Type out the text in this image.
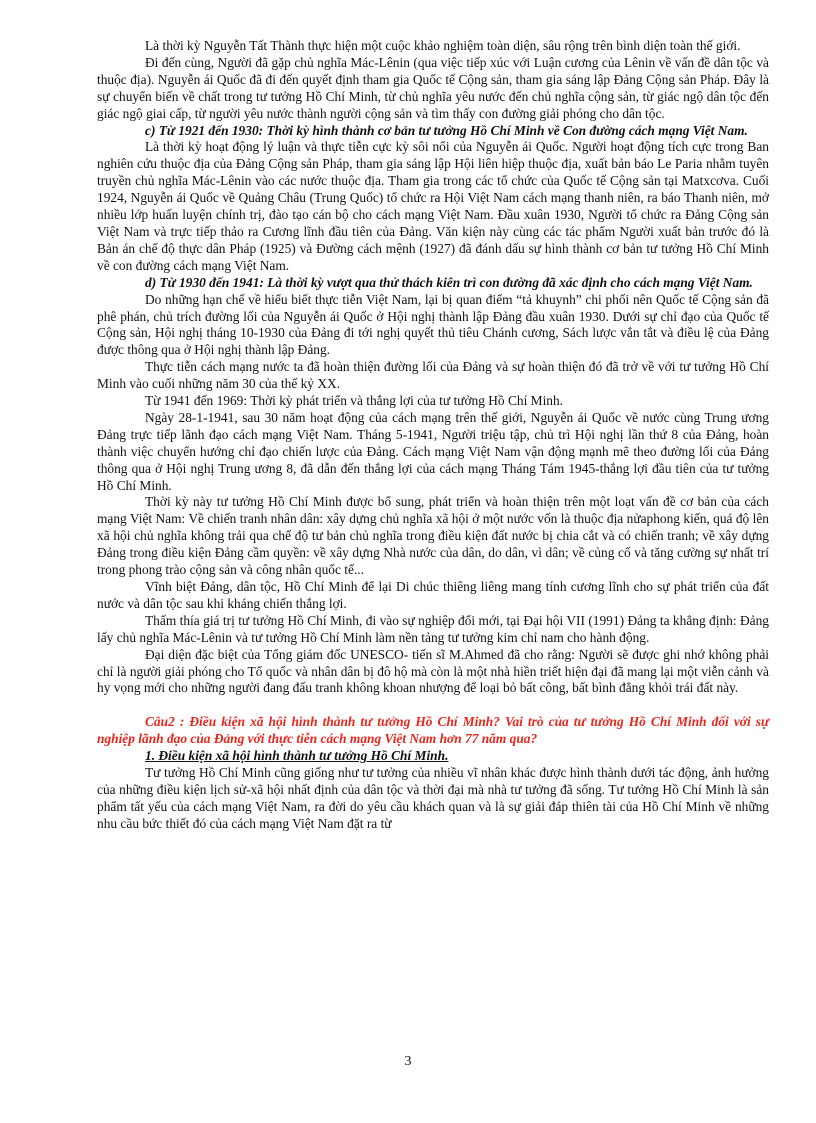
Là thời kỳ Nguyễn Tất Thành thực hiện một cuộc khảo nghiệm toàn diện, sâu rộng trên bình diện toàn thế giới.

Đi đến cùng, Người đã gặp chủ nghĩa Mác-Lênin (qua việc tiếp xúc với Luận cương của Lênin về vấn đề dân tộc và thuộc địa). Nguyễn ái Quốc đã đi đến quyết định tham gia Quốc tế Cộng sản, tham gia sáng lập Đảng Cộng sản Pháp. Đây là sự chuyển biến về chất trong tư tưởng Hồ Chí Minh, từ chủ nghĩa yêu nước đến chủ nghĩa cộng sản, từ giác ngộ dân tộc đến giác ngộ giai cấp, từ người yêu nước thành người cộng sản và tìm thấy con đường giải phóng cho dân tộc.

c) Từ 1921 đến 1930: Thời kỳ hình thành cơ bản tư tưởng Hồ Chí Minh về Con đường cách mạng Việt Nam.

Là thời kỳ hoạt động lý luận và thực tiễn cực kỳ sôi nổi của Nguyễn ái Quốc. Người hoạt động tích cực trong Ban nghiên cứu thuộc địa của Đảng Cộng sản Pháp, tham gia sáng lập Hội liên hiệp thuộc địa, xuất bản báo Le Paria nhằm tuyên truyền chủ nghĩa Mác-Lênin vào các nước thuộc địa. Tham gia trong các tổ chức của Quốc tế Cộng sản tại Matxcơva. Cuối 1924, Nguyễn ái Quốc về Quảng Châu (Trung Quốc) tổ chức ra Hội Việt Nam cách mạng thanh niên, ra báo Thanh niên, mở nhiều lớp huấn luyện chính trị, đào tạo cán bộ cho cách mạng Việt Nam. Đầu xuân 1930, Người tổ chức ra Đảng Cộng sản Việt Nam và trực tiếp thảo ra Cương lĩnh đầu tiên của Đảng. Văn kiện này cùng các tác phẩm Người xuất bản trước đó là Bản án chế độ thực dân Pháp (1925) và Đường cách mệnh (1927) đã đánh dấu sự hình thành cơ bản tư tưởng Hồ Chí Minh về con đường cách mạng Việt Nam.

d) Từ 1930 đến 1941: Là thời kỳ vượt qua thử thách kiên trì con đường đã xác định cho cách mạng Việt Nam.

Do những hạn chế về hiểu biết thực tiễn Việt Nam, lại bị quan điểm “tả khuynh” chi phối nên Quốc tế Cộng sản đã phê phán, chủ trích đường lối của Nguyễn ái Quốc ở Hội nghị thành lập Đảng đầu xuân 1930. Dưới sự chỉ đạo của Quốc tế Cộng sản, Hội nghị tháng 10-1930 của Đảng đi tới nghị quyết thủ tiêu Chánh cương, Sách lược vắn tắt và điều lệ của Đảng được thông qua ở Hội nghị thành lập Đảng.

Thực tiễn cách mạng nước ta đã hoàn thiện đường lối của Đảng và sự hoàn thiện đó đã trở về với tư tưởng Hồ Chí Minh vào cuối những năm 30 của thế kỷ XX.

Từ 1941 đến 1969: Thời kỳ phát triển và thắng lợi của tư tưởng Hồ Chí Minh.

Ngày 28-1-1941, sau 30 năm hoạt động của cách mạng trên thế giới, Nguyễn ái Quốc về nước cùng Trung ương Đảng trực tiếp lãnh đạo cách mạng Việt Nam. Tháng 5-1941, Người triệu tập, chủ trì Hội nghị lần thứ 8 của Đảng, hoàn thành việc chuyển hướng chỉ đạo chiến lược của Đảng. Cách mạng Việt Nam vận động mạnh mẽ theo đường lối của Đảng thông qua ở Hội nghị Trung ương 8, đã dẫn đến thắng lợi của cách mạng Tháng Tám 1945-thắng lợi đầu tiên của tư tưởng Hồ Chí Minh.

Thời kỳ này tư tưởng Hồ Chí Minh được bổ sung, phát triển và hoàn thiện trên một loạt vấn đề cơ bản của cách mạng Việt Nam: Về chiến tranh nhân dân: xây dựng chủ nghĩa xã hội ở một nước vốn là thuộc địa nửaphong kiến, quá độ lên xã hội chủ nghĩa không trải qua chế độ tư bản chủ nghĩa trong điều kiện đất nước bị chia cắt và có chiến tranh; về xây dựng Đảng trong điều kiện Đảng cầm quyền: về xây dựng Nhà nước của dân, do dân, vì dân; về củng cố và tăng cường sự nhất trí trong phong trào cộng sản và công nhân quốc tế...

Vĩnh biệt Đảng, dân tộc, Hồ Chí Minh để lại Di chúc thiêng liêng mang tính cương lĩnh cho sự phát triển của đất nước và dân tộc sau khi kháng chiến thắng lợi.

Thấm thía giá trị tư tưởng Hồ Chí Minh, đi vào sự nghiệp đổi mới, tại Đại hội VII (1991) Đảng ta khẳng định: Đảng lấy chủ nghĩa Mác-Lênin và tư tưởng Hồ Chí Minh làm nền tảng tư tưởng kim chỉ nam cho hành động.

Đại diện đặc biệt của Tổng giám đốc UNESCO- tiến sĩ M.Ahmed đã cho rằng: Người sẽ được ghi nhớ không phải chỉ là người giải phóng cho Tổ quốc và nhân dân bị đô hộ mà còn là một nhà hiền triết hiện đại đã mang lại một viễn cảnh và hy vọng mới cho những người đang đấu tranh không khoan nhượng để loại bỏ bất công, bất bình đẳng khỏi trái đất này.

Câu2 : Điều kiện xã hội hình thành tư tưởng Hồ Chí Minh? Vai trò của tư tưởng Hồ Chí Minh đối với sự nghiệp lãnh đạo của Đảng với thực tiễn cách mạng Việt Nam hơn 77 năm qua?

1. Điều kiện xã hội hình thành tư tưởng Hồ Chí Minh.

Tư tưởng Hồ Chí Minh cũng giống như tư tưởng của nhiều vĩ nhân khác được hình thành dưới tác động, ảnh hưởng của những điều kiện lịch sử-xã hội nhất định của dân tộc và thời đại mà nhà tư tưởng đã sống. Tư tưởng Hồ Chí Minh là sản phẩm tất yếu của cách mạng Việt Nam, ra đời do yêu cầu khách quan và là sự giải đáp thiên tài của Hồ Chí Minh về những nhu cầu bức thiết đó của cách mạng Việt Nam đặt ra từ

3
